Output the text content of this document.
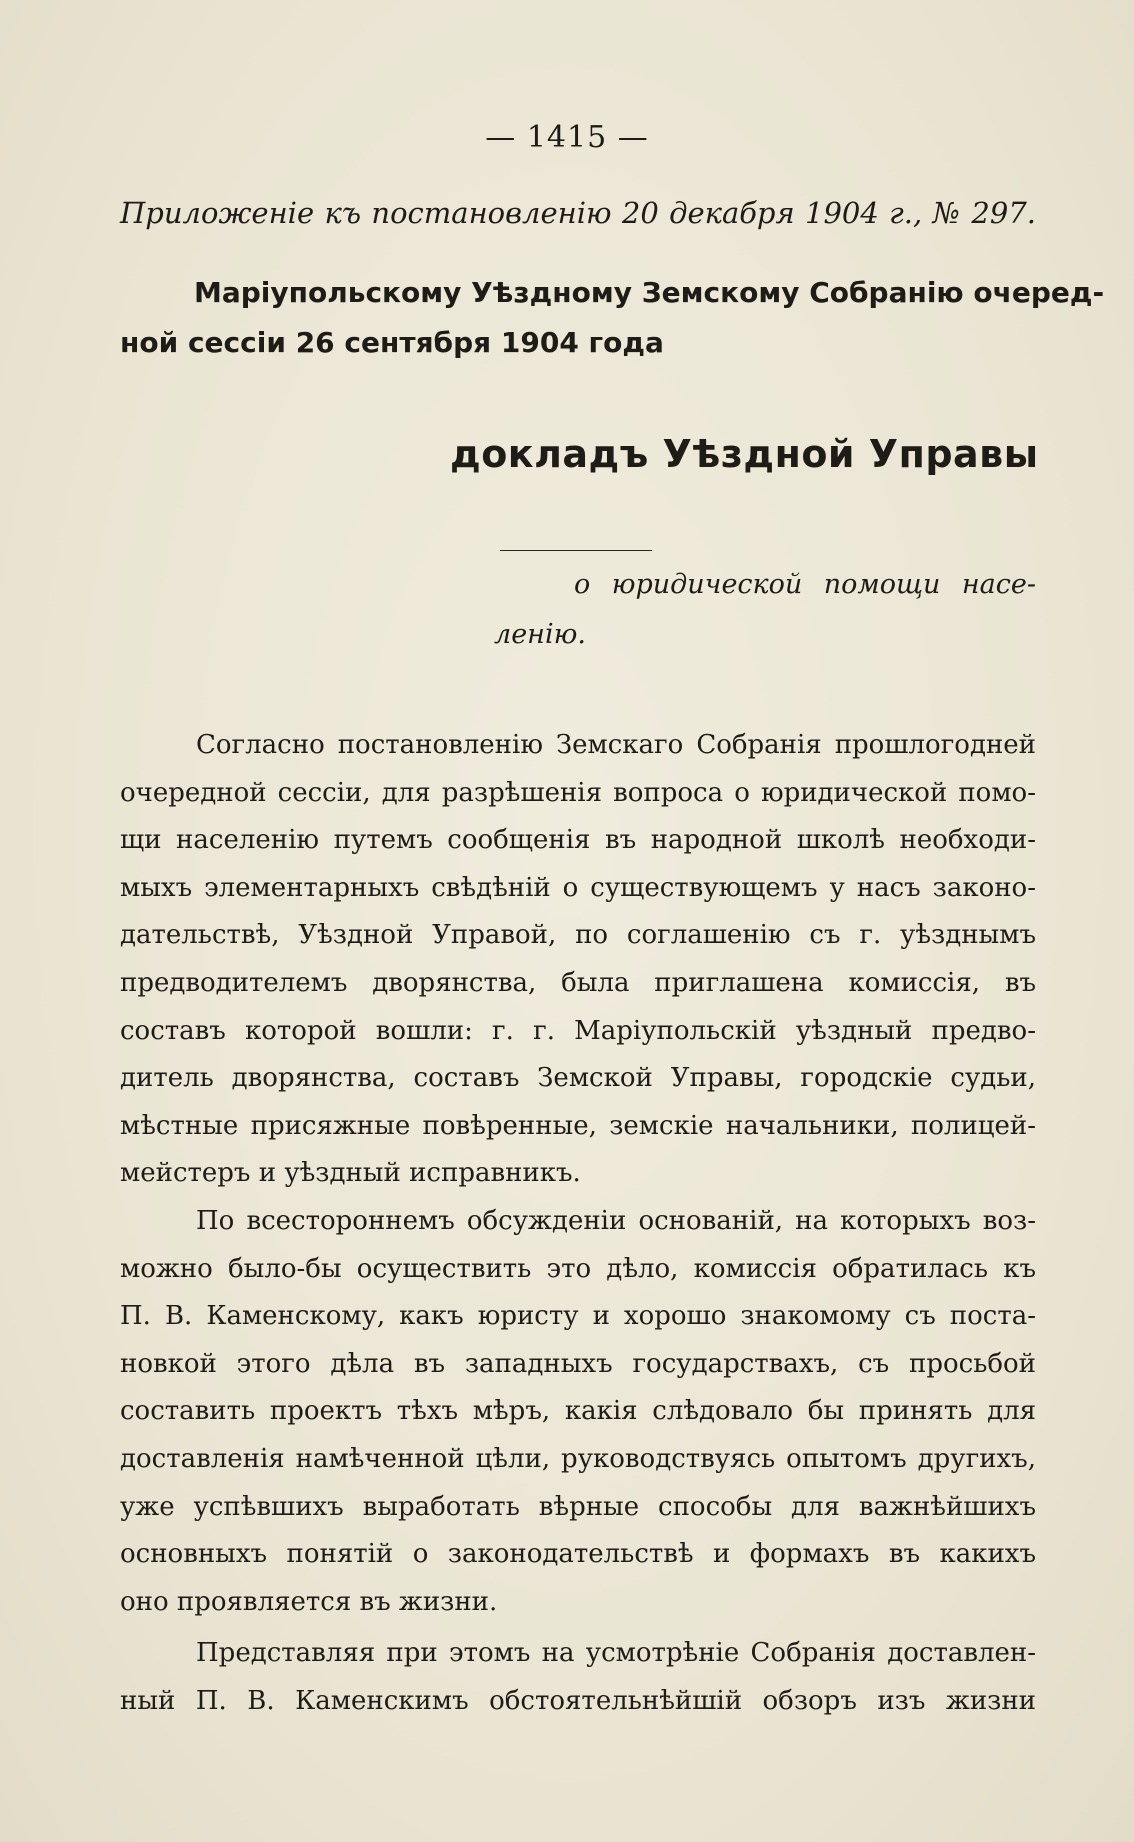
— 1415 —
Приложеніе къ постановленію 20 декабря 1904 г., № 297.
Маріупольскому Уѣздному Земскому Собранію очеред-
ной сессіи 26 сентября 1904 года
докладъ Уѣздной Управы
о юридической помощи насе-
ленію.

Согласно постановленію Земскаго Собранія прошлогодней
очередной сессіи, для разрѣшенія вопроса о юридической помо-
щи населенію путемъ сообщенія въ народной школѣ необходи-
мыхъ элементарныхъ свѣдѣній о существующемъ у насъ законо-
дательствѣ, Уѣздной Управой, по соглашенію съ г. уѣзднымъ
предводителемъ дворянства, была приглашена комиссія, въ
составъ которой вошли: г. г. Маріупольскій уѣздный предво-
дитель дворянства, составъ Земской Управы, городскіе судьи,
мѣстные присяжные повѣренные, земскіе начальники, полицей-
мейстеръ и уѣздный исправникъ.

По всестороннемъ обсужденіи основаній, на которыхъ воз-
можно было-бы осуществить это дѣло, комиссія обратилась къ
П. В. Каменскому, какъ юристу и хорошо знакомому съ поста-
новкой этого дѣла въ западныхъ государствахъ, съ просьбой
составить проектъ тѣхъ мѣръ, какія слѣдовало бы принять для
доставленія намѣченной цѣли, руководствуясь опытомъ другихъ,
уже успѣвшихъ выработать вѣрные способы для важнѣйшихъ
основныхъ понятій о законодательствѣ и формахъ въ какихъ
оно проявляется въ жизни.

Представляя при этомъ на усмотрѣніе Собранія доставлен-
ный П. В. Каменскимъ обстоятельнѣйшій обзоръ изъ жизни
